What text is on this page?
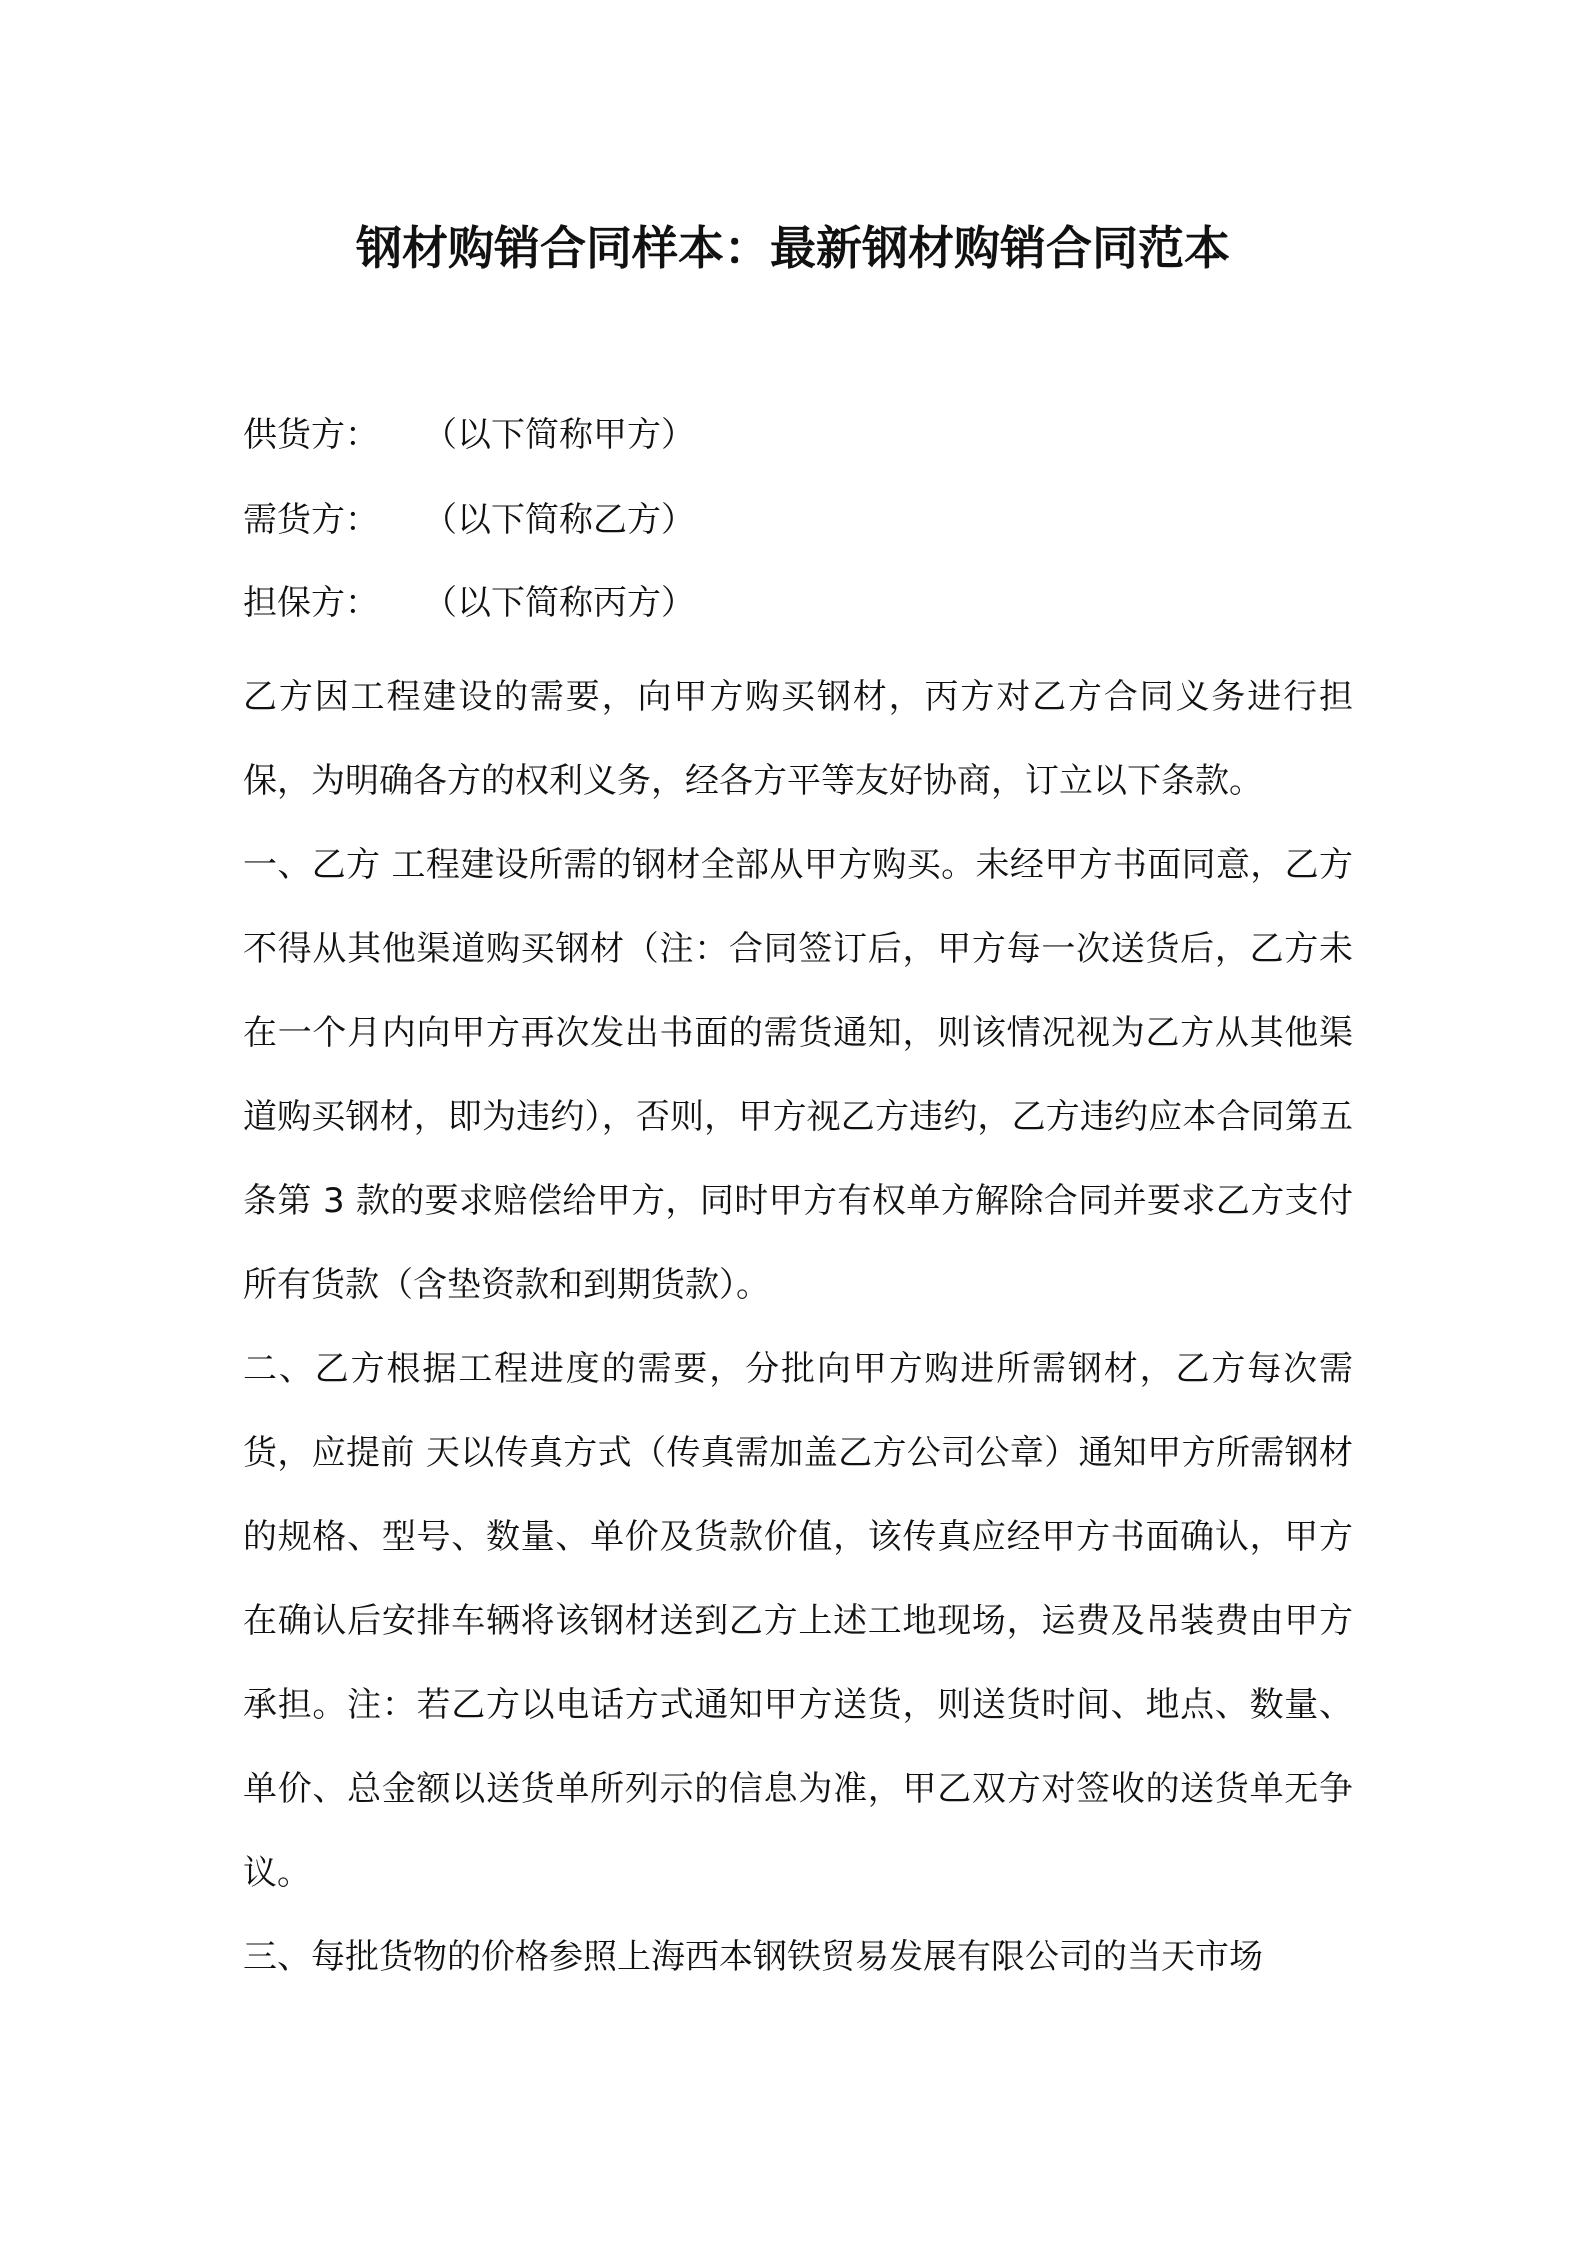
钢材购销合同样本：最新钢材购销合同范本
供货方： （以下简称甲方）
需货方： （以下简称乙方）
担保方： （以下简称丙方）

乙方因工程建设的需要，向甲方购买钢材，丙方对乙方合同义务进行担保，为明确各方的权利义务，经各方平等友好协商，订立以下条款。

一、乙方 工程建设所需的钢材全部从甲方购买。未经甲方书面同意，乙方不得从其他渠道购买钢材（注：合同签订后，甲方每一次送货后，乙方未在一个月内向甲方再次发出书面的需货通知，则该情况视为乙方从其他渠道购买钢材，即为违约），否则，甲方视乙方违约，乙方违约应本合同第五条第 3 款的要求赔偿给甲方，同时甲方有权单方解除合同并要求乙方支付所有货款（含垫资款和到期货款）。

二、乙方根据工程进度的需要，分批向甲方购进所需钢材，乙方每次需货，应提前 天以传真方式（传真需加盖乙方公司公章）通知甲方所需钢材的规格、型号、数量、单价及货款价值，该传真应经甲方书面确认，甲方在确认后安排车辆将该钢材送到乙方上述工地现场，运费及吊装费由甲方承担。注：若乙方以电话方式通知甲方送货，则送货时间、地点、数量、单价、总金额以送货单所列示的信息为准，甲乙双方对签收的送货单无争议。

三、每批货物的价格参照上海西本钢铁贸易发展有限公司的当天市场
